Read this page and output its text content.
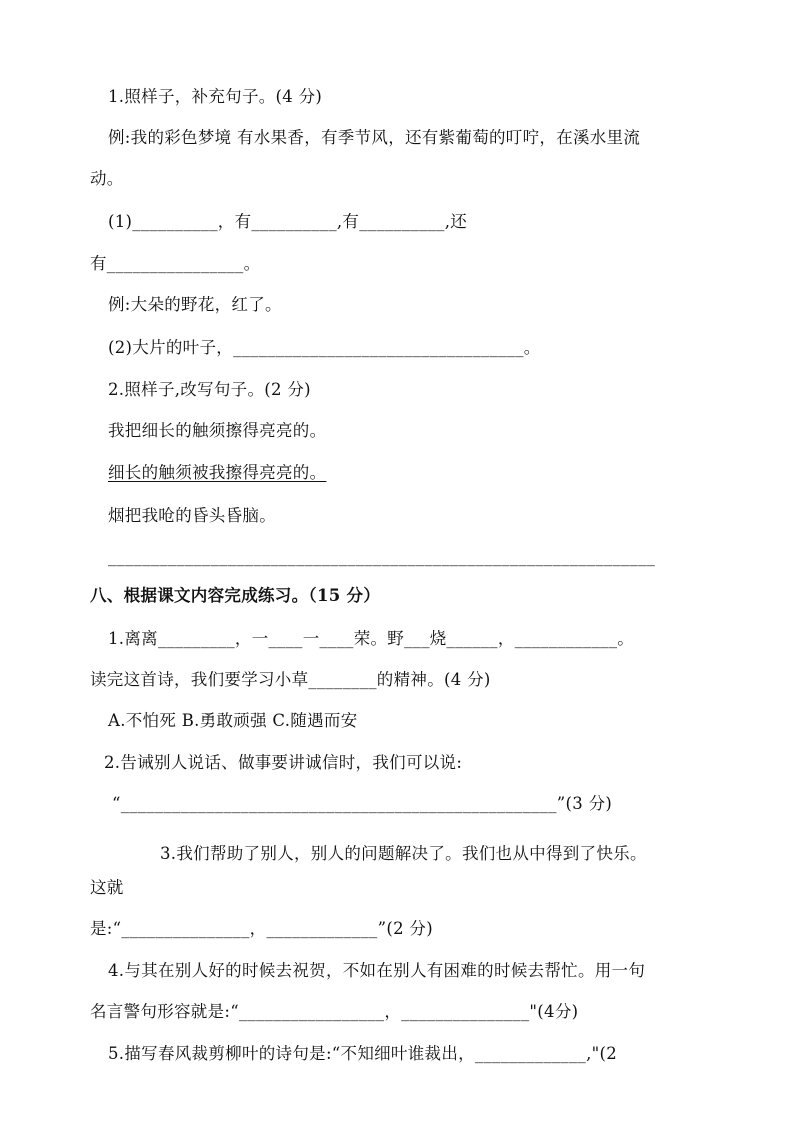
1.照样子，补充句子。(4 分)
例:我的彩色梦境 有水果香，有季节风，还有紫葡萄的叮咛，在溪水里流
动。
(1)__________，有__________,有__________,还
有________________。
例:大朵的野花，红了。
(2)大片的叶子，__________________________________。
2.照样子,改写句子。(2 分)
我把细长的触须擦得亮亮的。
细长的触须被我擦得亮亮的。
烟把我呛的昏头昏脑。
________________________________________________________________
八、根据课文内容完成练习。（15 分）
1.离离_________，一____一____荣。野___烧______，____________。
读完这首诗，我们要学习小草________的精神。(4 分)
A.不怕死 B.勇敢顽强 C.随遇而安
2.告诫别人说话、做事要讲诚信时，我们可以说:
“___________________________________________________”(3 分)
3.我们帮助了别人，别人的问题解决了。我们也从中得到了快乐。
这就
是:“_______________，_____________”(2 分)
4.与其在别人好的时候去祝贺，不如在别人有困难的时候去帮忙。用一句
名言警句形容就是:“_________________，_______________"(4分)
5.描写春风裁剪柳叶的诗句是:“不知细叶谁裁出，_____________,"(2
